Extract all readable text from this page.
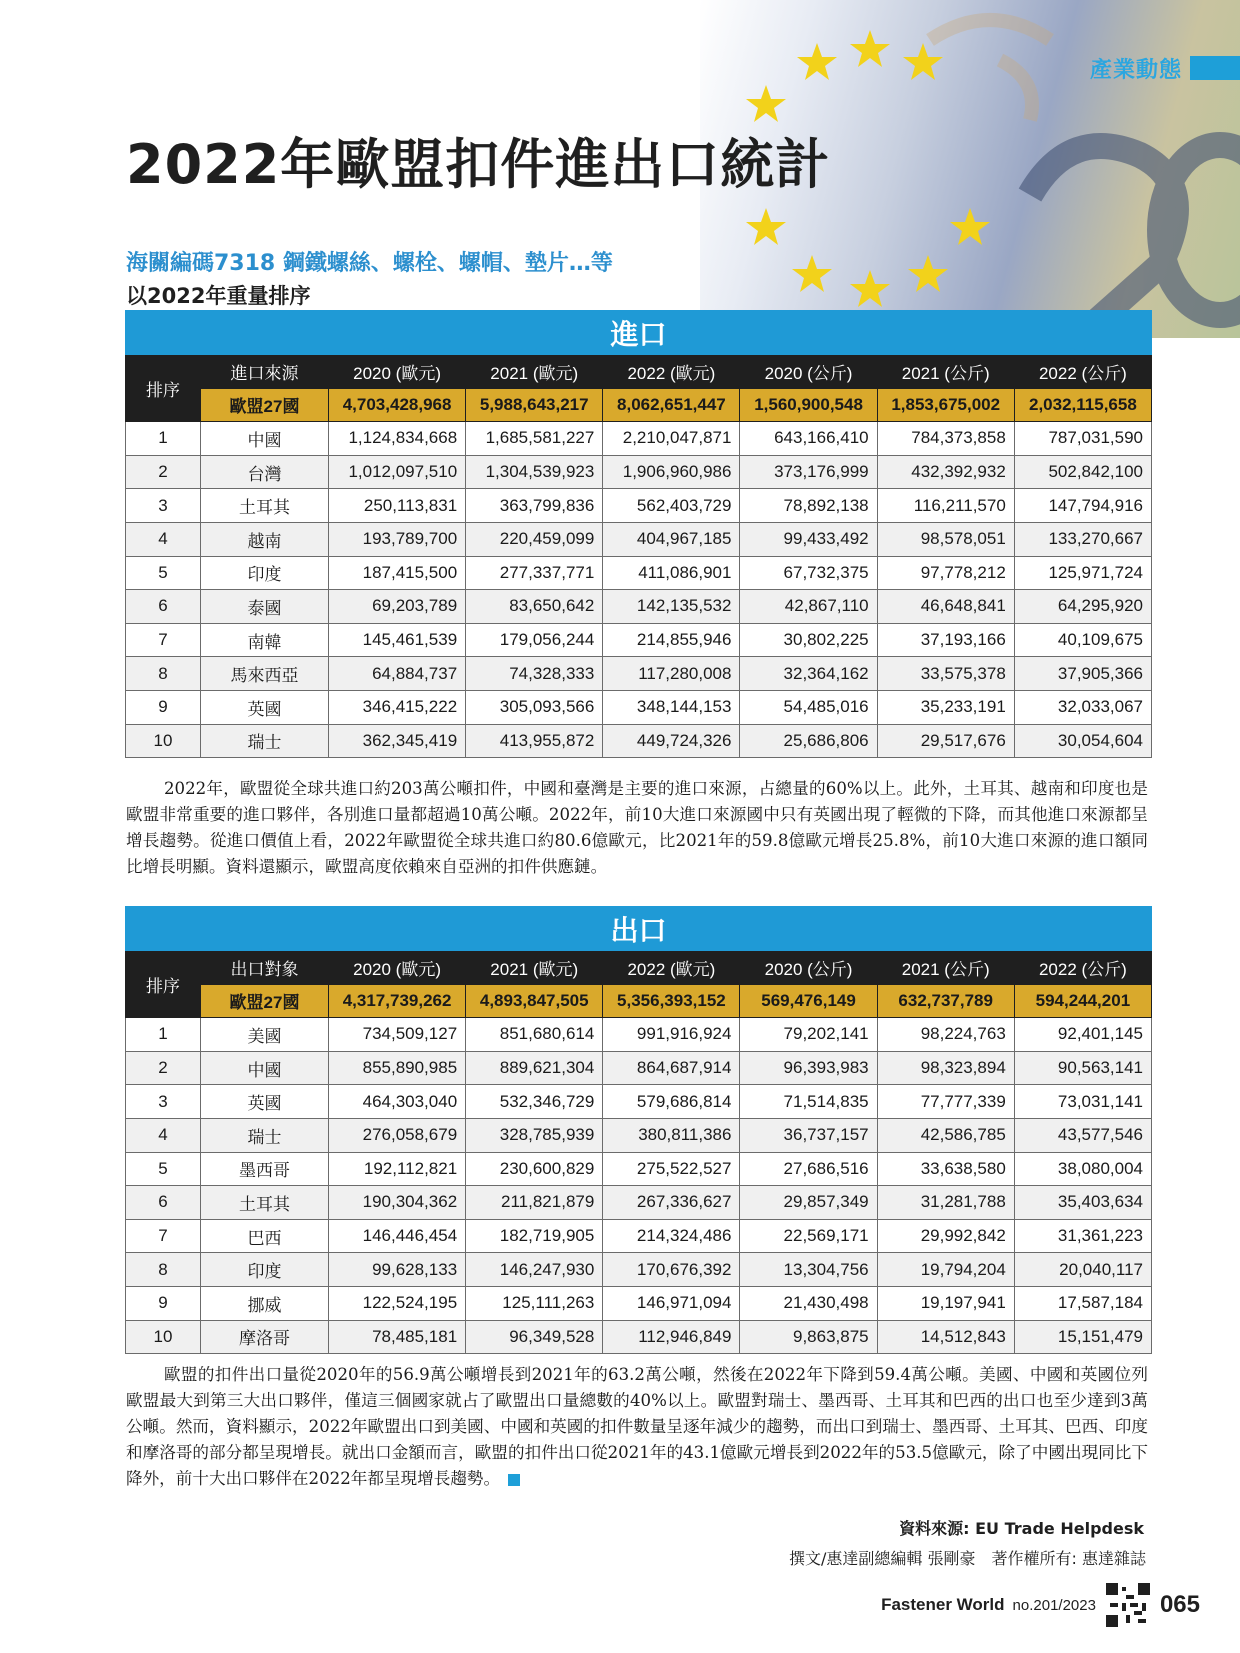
產業動態
2022年歐盟扣件進出口統計
海關編碼7318 鋼鐵螺絲、螺栓、螺帽、墊片…等
以2022年重量排序
進口							
排序	進口來源	2020 (歐元)	2021 (歐元)	2022 (歐元)	2020 (公斤)	2021 (公斤)	2022 (公斤)
	歐盟27國	4,703,428,968	5,988,643,217	8,062,651,447	1,560,900,548	1,853,675,002	2,032,115,658
1	中國	1,124,834,668	1,685,581,227	2,210,047,871	643,166,410	784,373,858	787,031,590
2	台灣	1,012,097,510	1,304,539,923	1,906,960,986	373,176,999	432,392,932	502,842,100
3	土耳其	250,113,831	363,799,836	562,403,729	78,892,138	116,211,570	147,794,916
4	越南	193,789,700	220,459,099	404,967,185	99,433,492	98,578,051	133,270,667
5	印度	187,415,500	277,337,771	411,086,901	67,732,375	97,778,212	125,971,724
6	泰國	69,203,789	83,650,642	142,135,532	42,867,110	46,648,841	64,295,920
7	南韓	145,461,539	179,056,244	214,855,946	30,802,225	37,193,166	40,109,675
8	馬來西亞	64,884,737	74,328,333	117,280,008	32,364,162	33,575,378	37,905,366
9	英國	346,415,222	305,093,566	348,144,153	54,485,016	35,233,191	32,033,067
10	瑞士	362,345,419	413,955,872	449,724,326	25,686,806	29,517,676	30,054,604
2022年，歐盟從全球共進口約203萬公噸扣件，中國和臺灣是主要的進口來源，占總量的60%以上。此外，土耳其、越南和印度也是歐盟非常重要的進口夥伴，各別進口量都超過10萬公噸。2022年，前10大進口來源國中只有英國出現了輕微的下降，而其他進口來源都呈增長趨勢。從進口價值上看，2022年歐盟從全球共進口約80.6億歐元，比2021年的59.8億歐元增長25.8%，前10大進口來源的進口額同比增長明顯。資料還顯示，歐盟高度依賴來自亞洲的扣件供應鏈。
出口							
排序	出口對象	2020 (歐元)	2021 (歐元)	2022 (歐元)	2020 (公斤)	2021 (公斤)	2022 (公斤)
	歐盟27國	4,317,739,262	4,893,847,505	5,356,393,152	569,476,149	632,737,789	594,244,201
1	美國	734,509,127	851,680,614	991,916,924	79,202,141	98,224,763	92,401,145
2	中國	855,890,985	889,621,304	864,687,914	96,393,983	98,323,894	90,563,141
3	英國	464,303,040	532,346,729	579,686,814	71,514,835	77,777,339	73,031,141
4	瑞士	276,058,679	328,785,939	380,811,386	36,737,157	42,586,785	43,577,546
5	墨西哥	192,112,821	230,600,829	275,522,527	27,686,516	33,638,580	38,080,004
6	土耳其	190,304,362	211,821,879	267,336,627	29,857,349	31,281,788	35,403,634
7	巴西	146,446,454	182,719,905	214,324,486	22,569,171	29,992,842	31,361,223
8	印度	99,628,133	146,247,930	170,676,392	13,304,756	19,794,204	20,040,117
9	挪威	122,524,195	125,111,263	146,971,094	21,430,498	19,197,941	17,587,184
10	摩洛哥	78,485,181	96,349,528	112,946,849	9,863,875	14,512,843	15,151,479
歐盟的扣件出口量從2020年的56.9萬公噸增長到2021年的63.2萬公噸，然後在2022年下降到59.4萬公噸。美國、中國和英國位列歐盟最大到第三大出口夥伴，僅這三個國家就占了歐盟出口量總數的40%以上。歐盟對瑞士、墨西哥、土耳其和巴西的出口也至少達到3萬公噸。然而，資料顯示，2022年歐盟出口到美國、中國和英國的扣件數量呈逐年減少的趨勢，而出口到瑞士、墨西哥、土耳其、巴西、印度和摩洛哥的部分都呈現增長。就出口金額而言，歐盟的扣件出口從2021年的43.1億歐元增長到2022年的53.5億歐元，除了中國出現同比下降外，前十大出口夥伴在2022年都呈現增長趨勢。
資料來源: EU Trade Helpdesk
撰文/惠達副總編輯 張剛豪　著作權所有: 惠達雜誌
Fastener World no.201/2023	065
